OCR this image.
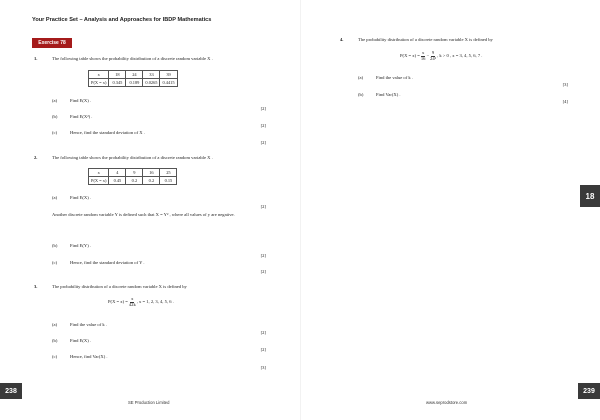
Your Practice Set – Analysis and Approaches for IBDP Mathematics
Exercise 78
1.	The following table shows the probability distribution of a discrete random variable X .
x	18	24	33	39
P(X = x)	0.345	0.189	0.0265	0.4415
(a)	Find E(X) .
[2]
(b)	Find E(X²) .
[2]
(c)	Hence, find the standard deviation of X .
[2]
2.	The following table shows the probability distribution of a discrete random variable X .
x	4	9	16	25
P(X = x)	0.45	0.2	0.2	0.15
(a)	Find E(X) .
[2]
Another discrete random variable Y is defined such that X = Y² , where all values of y are negative.
(b)	Find E(Y) .
[2]
(c)	Hence, find the standard deviation of Y .
[2]
3.	The probability distribution of a discrete random variable X is defined by
$P(X = x) = \frac{x}{42k}$ , x = 1, 2, 3, 4, 5, 6 .
(a)	Find the value of k .
[2]
(b)	Find E(X) .
[2]
(c)	Hence, find Var(X) .
[3]
4.	The probability distribution of a discrete random variable X is defined by
$P(X = x) = \frac{x}{16} - \frac{9}{\text{24²}}$ , k > 0 , x = 3, 4, 5, 6, 7 .
(a)	Find the value of k .
[3]
(b)	Find Var(X) .
[4]
18
238	239
SE Production Limited	www.seprodstore.com
